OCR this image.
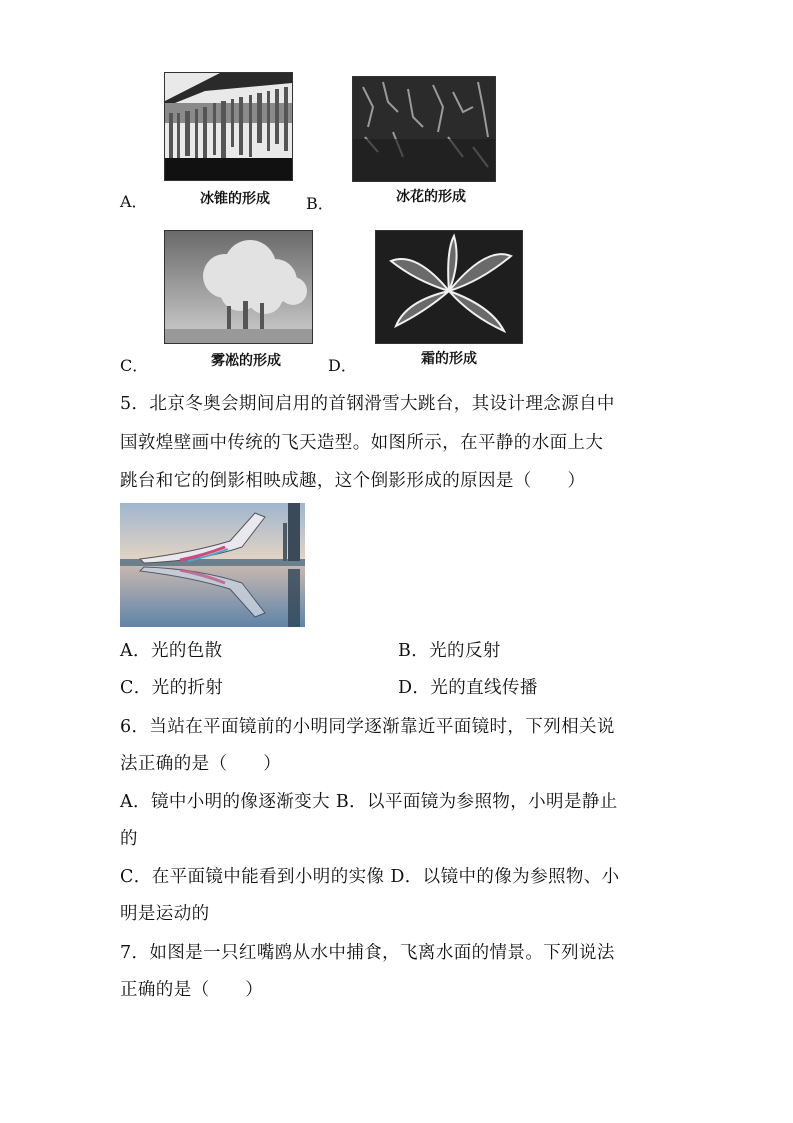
A．	冰锥的形成	B．	冰花的形成
C．	雾凇的形成	D．	霜的形成
5．北京冬奥会期间启用的首钢滑雪大跳台，其设计理念源自中
国敦煌壁画中传统的飞天造型。如图所示，在平静的水面上大
跳台和它的倒影相映成趣，这个倒影形成的原因是（　　）
A．光的色散	B．光的反射
C．光的折射	D．光的直线传播
6．当站在平面镜前的小明同学逐渐靠近平面镜时，下列相关说
法正确的是（　　）
A．镜中小明的像逐渐变大 B．以平面镜为参照物，小明是静止
的
C．在平面镜中能看到小明的实像 D．以镜中的像为参照物、小
明是运动的
7．如图是一只红嘴鸥从水中捕食，飞离水面的情景。下列说法
正确的是（　　）
